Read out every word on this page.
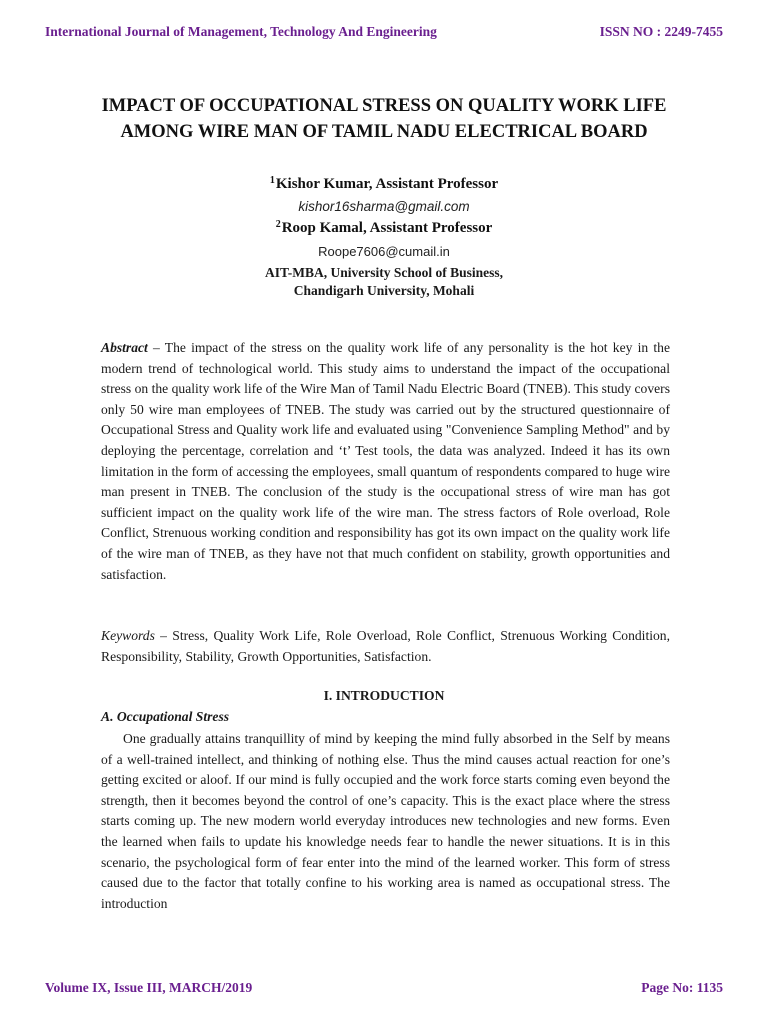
International Journal of Management, Technology And Engineering	ISSN NO : 2249-7455
IMPACT OF OCCUPATIONAL STRESS ON QUALITY WORK LIFE AMONG WIRE MAN OF TAMIL NADU ELECTRICAL BOARD
$^1$Kishor Kumar, Assistant Professor
kishor16sharma@gmail.com
$^2$Roop Kamal, Assistant Professor
Roope7606@cumail.in
AIT-MBA, University School of Business,
Chandigarh University, Mohali
Abstract – The impact of the stress on the quality work life of any personality is the hot key in the modern trend of technological world. This study aims to understand the impact of the occupational stress on the quality work life of the Wire Man of Tamil Nadu Electric Board (TNEB). This study covers only 50 wire man employees of TNEB. The study was carried out by the structured questionnaire of Occupational Stress and Quality work life and evaluated using "Convenience Sampling Method" and by deploying the percentage, correlation and ‘t’ Test tools, the data was analyzed. Indeed it has its own limitation in the form of accessing the employees, small quantum of respondents compared to huge wire man present in TNEB. The conclusion of the study is the occupational stress of wire man has got sufficient impact on the quality work life of the wire man. The stress factors of Role overload, Role Conflict, Strenuous working condition and responsibility has got its own impact on the quality work life of the wire man of TNEB, as they have not that much confident on stability, growth opportunities and satisfaction.
Keywords – Stress, Quality Work Life, Role Overload, Role Conflict, Strenuous Working Condition, Responsibility, Stability, Growth Opportunities, Satisfaction.
I. INTRODUCTION
A. Occupational Stress
One gradually attains tranquillity of mind by keeping the mind fully absorbed in the Self by means of a well-trained intellect, and thinking of nothing else. Thus the mind causes actual reaction for one’s getting excited or aloof. If our mind is fully occupied and the work force starts coming even beyond the strength, then it becomes beyond the control of one’s capacity. This is the exact place where the stress starts coming up. The new modern world everyday introduces new technologies and new forms. Even the learned when fails to update his knowledge needs fear to handle the newer situations. It is in this scenario, the psychological form of fear enter into the mind of the learned worker. This form of stress caused due to the factor that totally confine to his working area is named as occupational stress. The introduction
Volume IX, Issue III, MARCH/2019	Page No: 1135
